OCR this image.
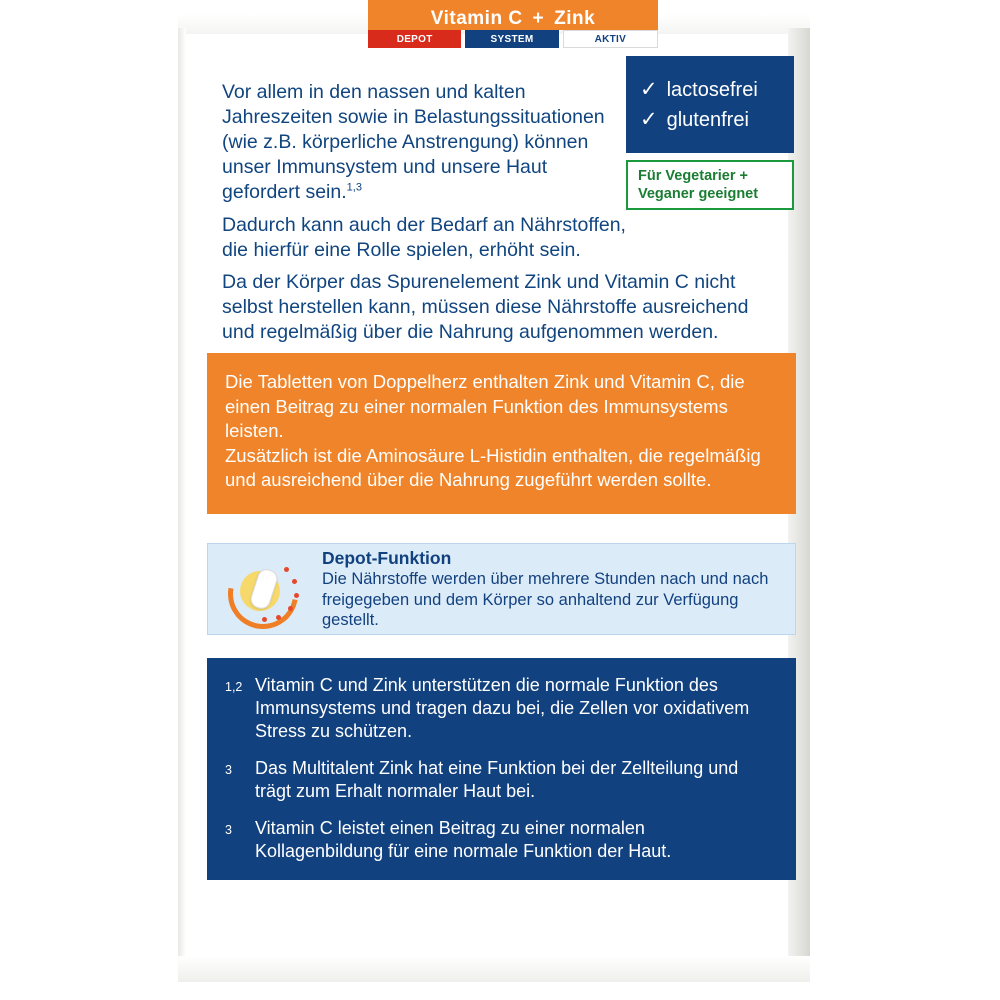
Vitamin C + Zink
DEPOT	SYSTEM	AKTIV
Vor allem in den nassen und kalten Jahreszeiten sowie in Belastungssituationen (wie z.B. körperliche Anstrengung) können unser Immunsystem und unsere Haut gefordert sein.$^{1,3}$
Dadurch kann auch der Bedarf an Nährstoffen, die hierfür eine Rolle spielen, erhöht sein.
Da der Körper das Spurenelement Zink und Vitamin C nicht selbst herstellen kann, müssen diese Nährstoffe ausreichend und regelmäßig über die Nahrung aufgenommen werden.
✓ lactosefrei
✓ glutenfrei
Für Vegetarier +
Veganer geeignet
Die Tabletten von Doppelherz enthalten Zink und Vitamin C, die einen Beitrag zu einer normalen Funktion des Immunsystems leisten.
Zusätzlich ist die Aminosäure L-Histidin enthalten, die regelmäßig und ausreichend über die Nahrung zugeführt werden sollte.
Depot-Funktion
Die Nährstoffe werden über mehrere Stunden nach und nach freigegeben und dem Körper so anhaltend zur Verfügung gestellt.
1,2 Vitamin C und Zink unterstützen die normale Funktion des Immunsystems und tragen dazu bei, die Zellen vor oxidativem Stress zu schützen.
3	Das Multitalent Zink hat eine Funktion bei der Zellteilung und trägt zum Erhalt normaler Haut bei.
3	Vitamin C leistet einen Beitrag zu einer normalen Kollagenbildung für eine normale Funktion der Haut.
